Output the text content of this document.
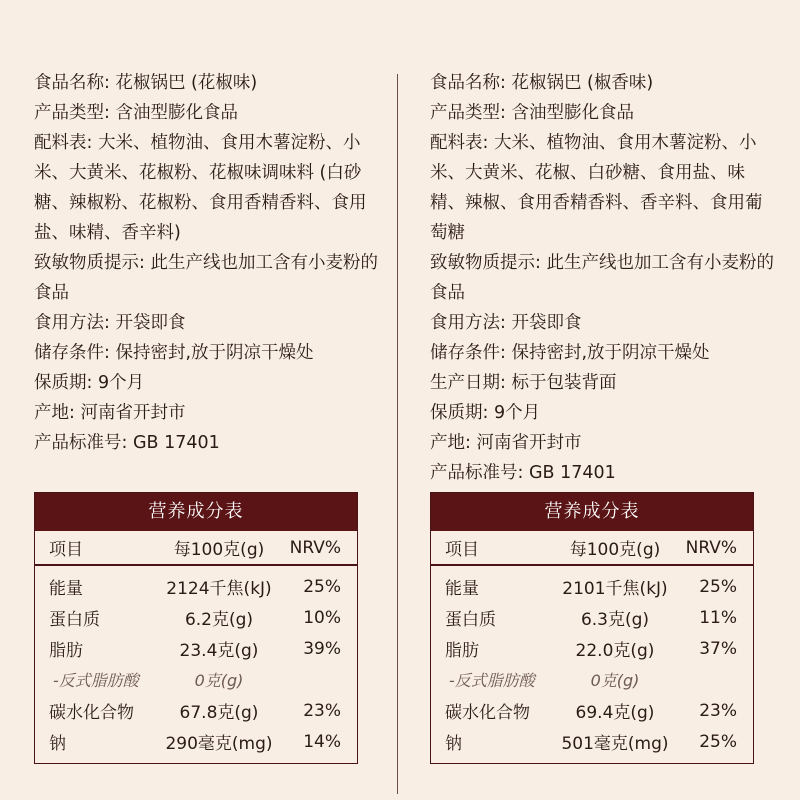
食品名称: 花椒锅巴 (花椒味)

产品类型: 含油型膨化食品

配料表: 大米、植物油、食用木薯淀粉、小米、大黄米、花椒粉、花椒味调味料 (白砂糖、辣椒粉、花椒粉、食用香精香料、食用盐、味精、香辛料)

致敏物质提示: 此生产线也加工含有小麦粉的食品

食用方法: 开袋即食

储存条件: 保持密封,放于阴凉干燥处

保质期: 9个月

产地: 河南省开封市

产品标准号: GB 17401

营养成分表
项目	每100克(g)	NRV%
能量	2124千焦(kJ)	25%
蛋白质	6.2克(g)	10%
脂肪	23.4克(g)	39%
-反式脂肪酸	0克(g)
碳水化合物	67.8克(g)	23%
钠	290毫克(mg)	14%

食品名称: 花椒锅巴 (椒香味)

产品类型: 含油型膨化食品

配料表: 大米、植物油、食用木薯淀粉、小米、大黄米、花椒、白砂糖、食用盐、味精、辣椒、食用香精香料、香辛料、食用葡萄糖

致敏物质提示: 此生产线也加工含有小麦粉的食品

食用方法: 开袋即食

储存条件: 保持密封,放于阴凉干燥处

生产日期: 标于包装背面

保质期: 9个月

产地: 河南省开封市

产品标准号: GB 17401

营养成分表
项目	每100克(g)	NRV%
能量	2101千焦(kJ)	25%
蛋白质	6.3克(g)	11%
脂肪	22.0克(g)	37%
-反式脂肪酸	0克(g)
碳水化合物	69.4克(g)	23%
钠	501毫克(mg)	25%
